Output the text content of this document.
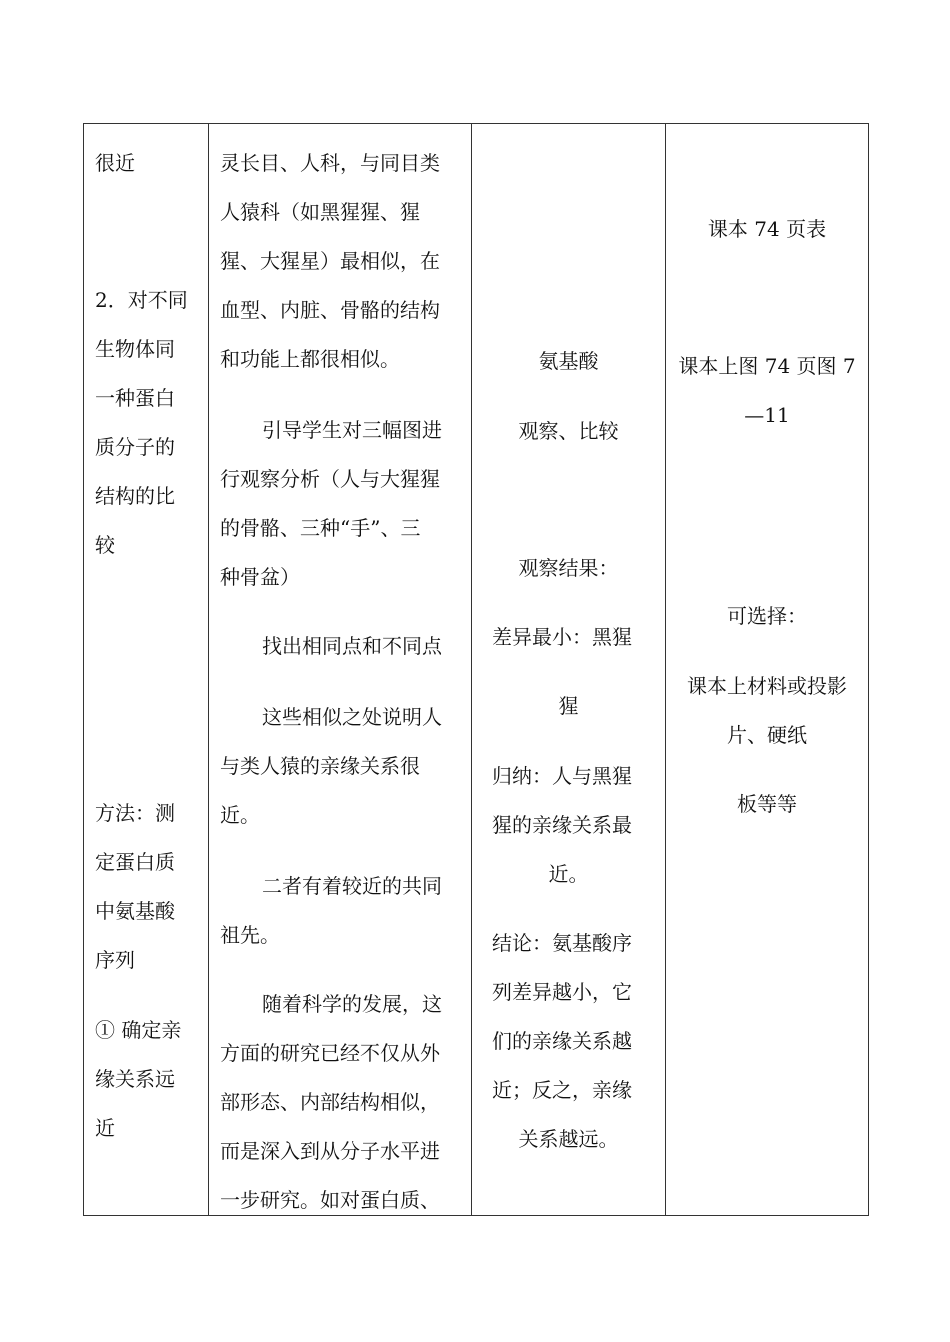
很近
2．对不同
生物体同
一种蛋白
质分子的
结构的比
较
方法：测
定蛋白质
中氨基酸
序列
① 确定亲
缘关系远
近
灵长目、人科，与同目类
人猿科（如黑猩猩、猩
猩、大猩星）最相似，在
血型、内脏、骨骼的结构
和功能上都很相似。
引导学生对三幅图进
行观察分析（人与大猩猩
的骨骼、三种“手”、三
种骨盆）
找出相同点和不同点
这些相似之处说明人
与类人猿的亲缘关系很
近。
二者有着较近的共同
祖先。
随着科学的发展，这
方面的研究已经不仅从外
部形态、内部结构相似，
而是深入到从分子水平进
一步研究。如对蛋白质、
氨基酸
观察、比较
观察结果：
差异最小：黑猩
猩
归纳：人与黑猩
猩的亲缘关系最
近。
结论：氨基酸序
列差异越小，它
们的亲缘关系越
近；反之，亲缘
关系越远。
课本 74 页表
课本上图 74 页图 7
—11
可选择：
课本上材料或投影
片、硬纸
板等等
